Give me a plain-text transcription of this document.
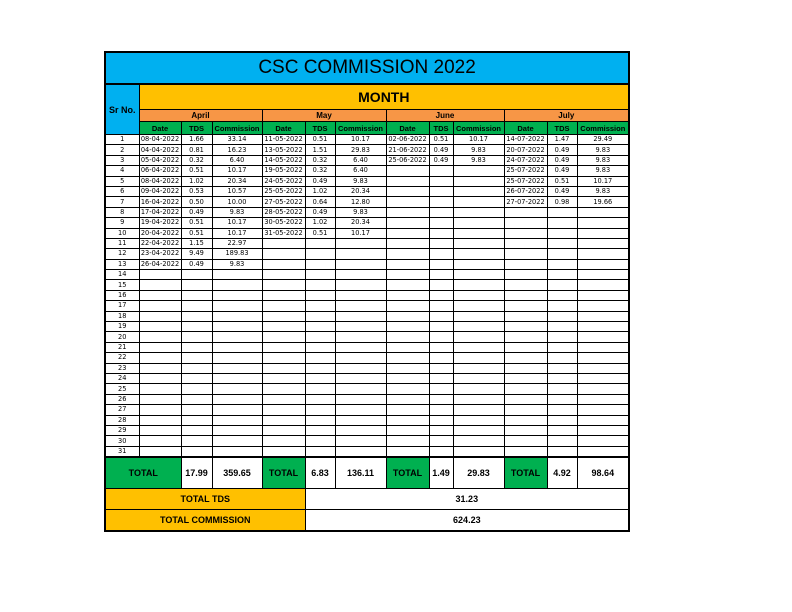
CSC COMMISSION 2022												
Sr No.	MONTH											
	April			May			June			July		
	Date	TDS	Commission	Date	TDS	Commission	Date	TDS	Commission	Date	TDS	Commission
1	08-04-2022	1.66	33.14	11-05-2022	0.51	10.17	02-06-2022	0.51	10.17	14-07-2022	1.47	29.49
2	04-04-2022	0.81	16.23	13-05-2022	1.51	29.83	21-06-2022	0.49	9.83	20-07-2022	0.49	9.83
3	05-04-2022	0.32	6.40	14-05-2022	0.32	6.40	25-06-2022	0.49	9.83	24-07-2022	0.49	9.83
4	06-04-2022	0.51	10.17	19-05-2022	0.32	6.40				25-07-2022	0.49	9.83
5	08-04-2022	1.02	20.34	24-05-2022	0.49	9.83				25-07-2022	0.51	10.17
6	09-04-2022	0.53	10.57	25-05-2022	1.02	20.34				26-07-2022	0.49	9.83
7	16-04-2022	0.50	10.00	27-05-2022	0.64	12.80				27-07-2022	0.98	19.66
8	17-04-2022	0.49	9.83	28-05-2022	0.49	9.83						
9	19-04-2022	0.51	10.17	30-05-2022	1.02	20.34						
10	20-04-2022	0.51	10.17	31-05-2022	0.51	10.17						
11	22-04-2022	1.15	22.97									
12	23-04-2022	9.49	189.83									
13	26-04-2022	0.49	9.83									
14												
15												
16												
17												
18												
19												
20												
21												
22												
23												
24												
25												
26												
27												
28												
29												
30												
31												
TOTAL		17.99	359.65	TOTAL	6.83	136.11	TOTAL	1.49	29.83	TOTAL	4.92	98.64
TOTAL TDS					31.23							
TOTAL COMMISSION					624.23							
